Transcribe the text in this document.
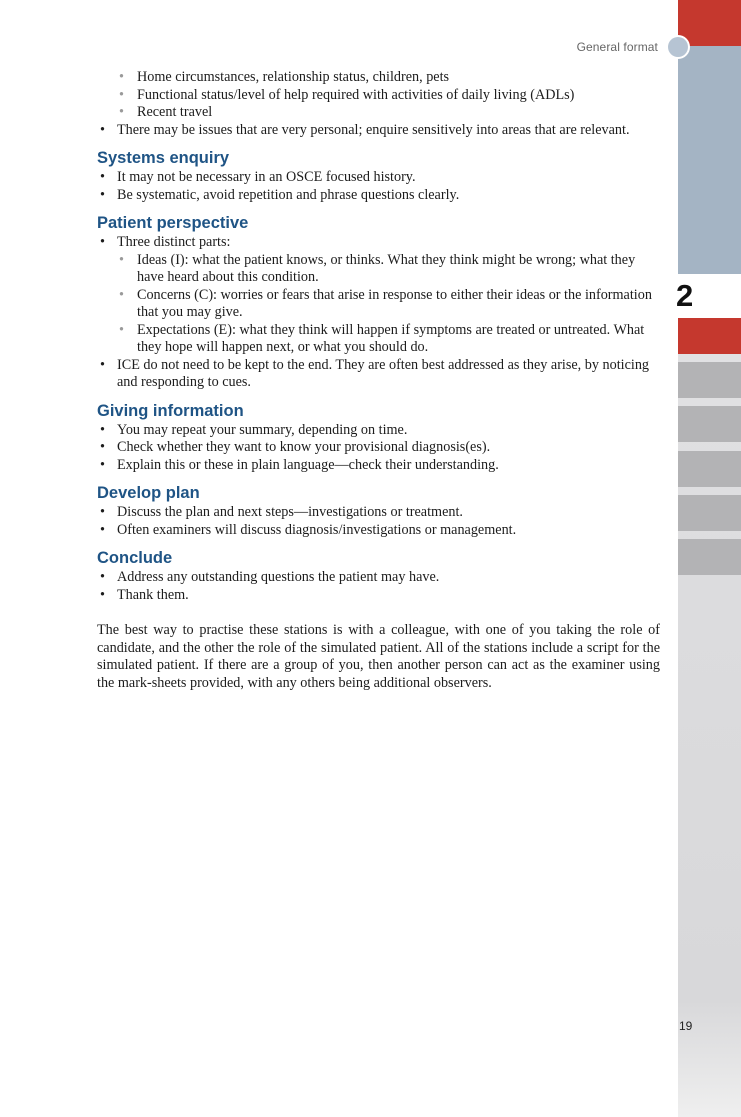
2
19
General format
• Home circumstances, relationship status, children, pets
• Functional status/level of help required with activities of daily living (ADLs)
• Recent travel
• There may be issues that are very personal; enquire sensitively into areas that are relevant.
Systems enquiry
• It may not be necessary in an OSCE focused history.
• Be systematic, avoid repetition and phrase questions clearly.
Patient perspective
• Three distinct parts:
• Ideas (I): what the patient knows, or thinks. What they think might be wrong; what they have heard about this condition.
• Concerns (C): worries or fears that arise in response to either their ideas or the information that you may give.
• Expectations (E): what they think will happen if symptoms are treated or untreated. What they hope will happen next, or what you should do.
• ICE do not need to be kept to the end. They are often best addressed as they arise, by noticing and responding to cues.
Giving information
• You may repeat your summary, depending on time.
• Check whether they want to know your provisional diagnosis(es).
• Explain this or these in plain language—check their understanding.
Develop plan
• Discuss the plan and next steps—investigations or treatment.
• Often examiners will discuss diagnosis/investigations or management.
Conclude
• Address any outstanding questions the patient may have.
• Thank them.

The best way to practise these stations is with a colleague, with one of you taking the role of candidate, and the other the role of the simulated patient. All of the stations include a script for the simulated patient. If there are a group of you, then another person can act as the examiner using the mark-sheets provided, with any others being additional observers.
